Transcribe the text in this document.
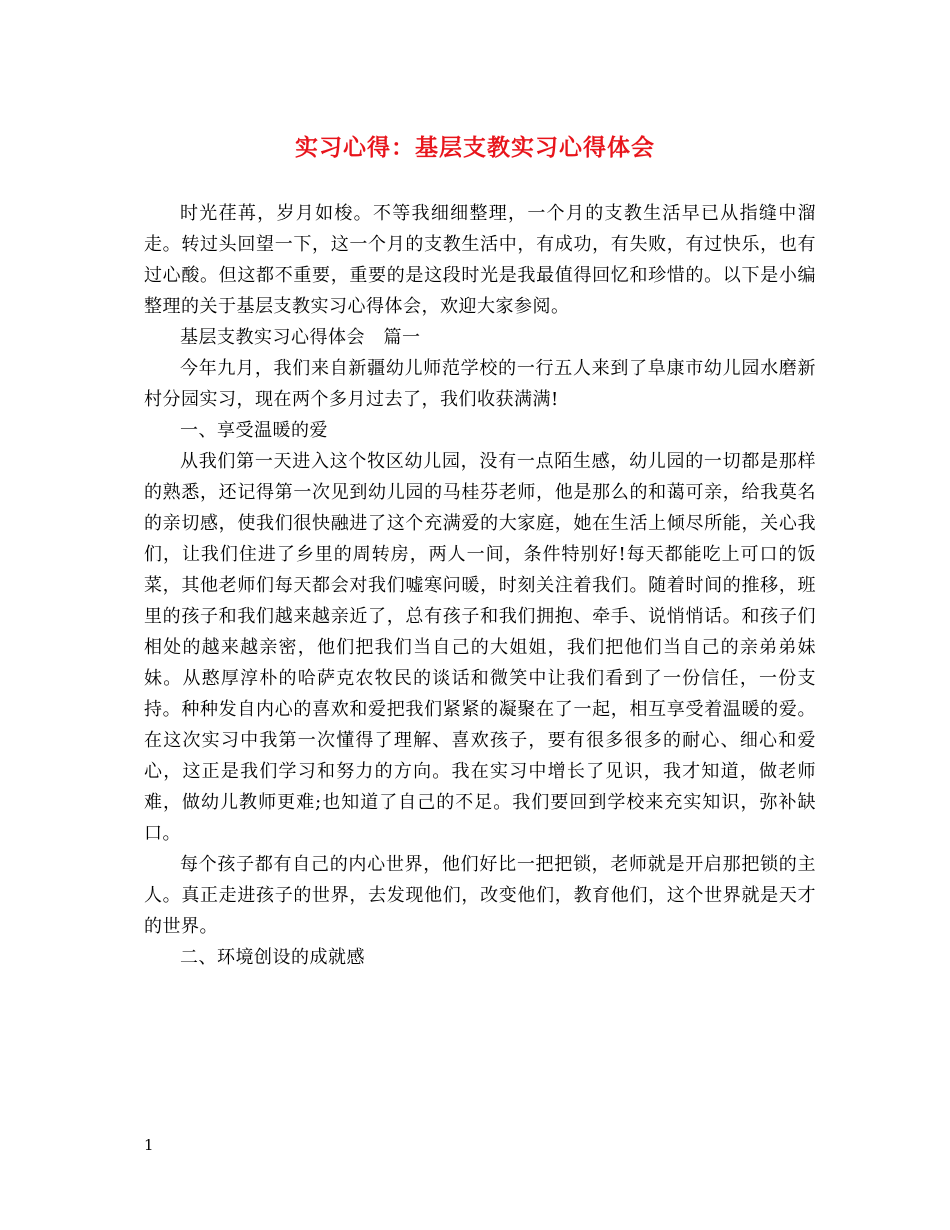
实习心得：基层支教实习心得体会

时光荏苒，岁月如梭。不等我细细整理，一个月的支教生活早已从指缝中溜走。转过头回望一下，这一个月的支教生活中，有成功，有失败，有过快乐，也有过心酸。但这都不重要，重要的是这段时光是我最值得回忆和珍惜的。以下是小编整理的关于基层支教实习心得体会，欢迎大家参阅。

基层支教实习心得体会　篇一

今年九月，我们来自新疆幼儿师范学校的一行五人来到了阜康市幼儿园水磨新村分园实习，现在两个多月过去了，我们收获满满!

一、享受温暖的爱

从我们第一天进入这个牧区幼儿园，没有一点陌生感，幼儿园的一切都是那样的熟悉，还记得第一次见到幼儿园的马桂芬老师，他是那么的和蔼可亲，给我莫名的亲切感，使我们很快融进了这个充满爱的大家庭，她在生活上倾尽所能，关心我们，让我们住进了乡里的周转房，两人一间，条件特别好!每天都能吃上可口的饭菜，其他老师们每天都会对我们嘘寒问暖，时刻关注着我们。随着时间的推移，班里的孩子和我们越来越亲近了，总有孩子和我们拥抱、牵手、说悄悄话。和孩子们相处的越来越亲密，他们把我们当自己的大姐姐，我们把他们当自己的亲弟弟妹妹。从憨厚淳朴的哈萨克农牧民的谈话和微笑中让我们看到了一份信任，一份支持。种种发自内心的喜欢和爱把我们紧紧的凝聚在了一起，相互享受着温暖的爱。在这次实习中我第一次懂得了理解、喜欢孩子，要有很多很多的耐心、细心和爱心，这正是我们学习和努力的方向。我在实习中增长了见识，我才知道，做老师难，做幼儿教师更难;也知道了自己的不足。我们要回到学校来充实知识，弥补缺口。

每个孩子都有自己的内心世界，他们好比一把把锁，老师就是开启那把锁的主人。真正走进孩子的世界，去发现他们，改变他们，教育他们，这个世界就是天才的世界。

二、环境创设的成就感

1
